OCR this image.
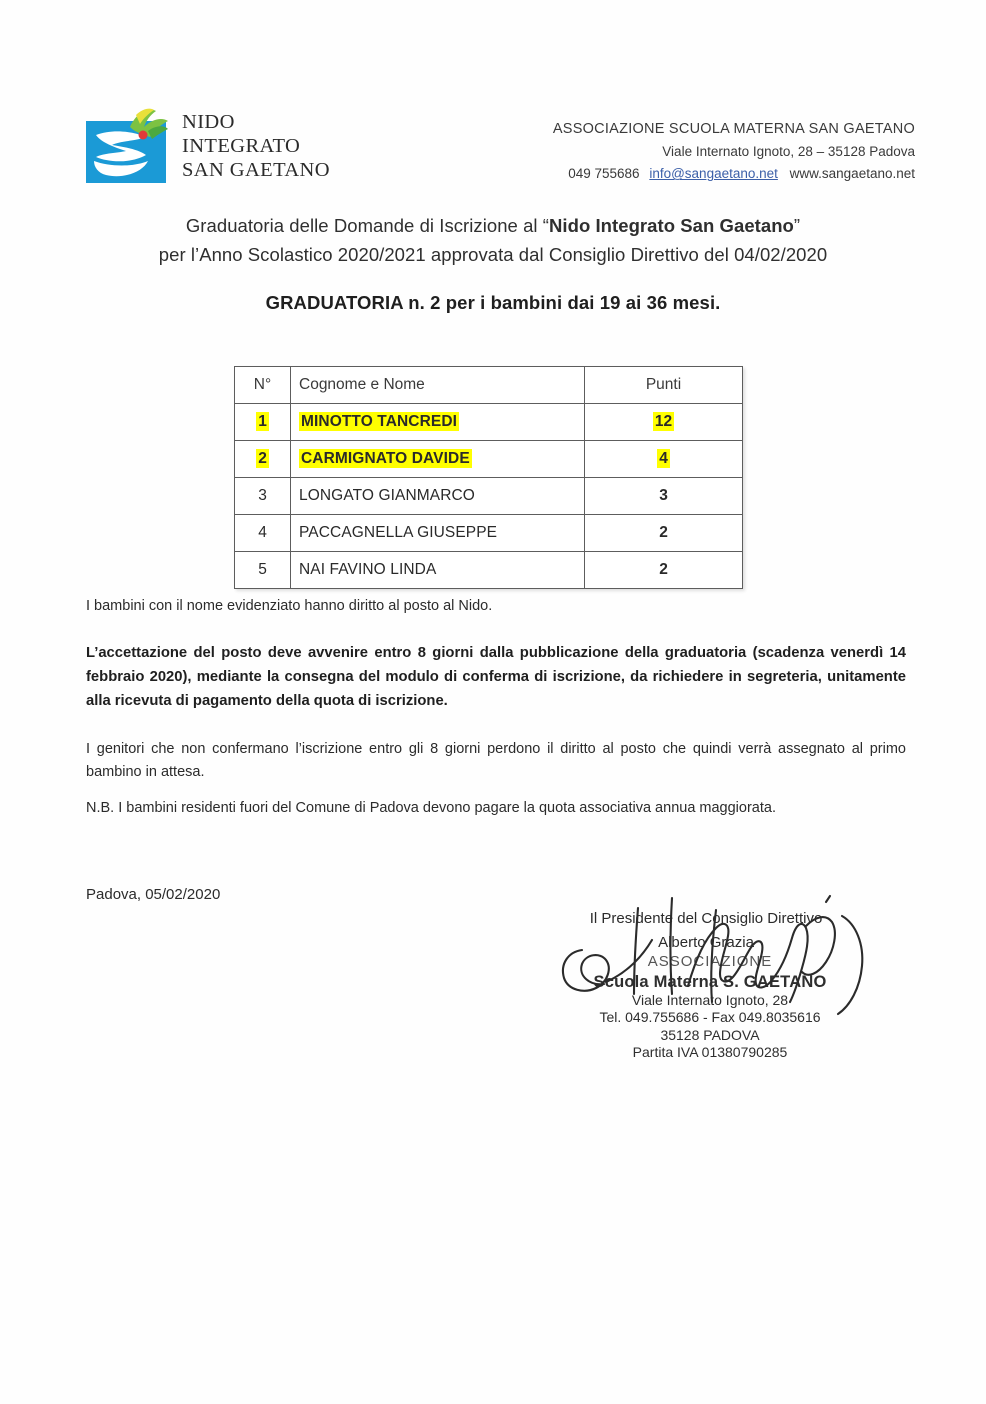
NIDO
INTEGRATO
SAN GAETANO
ASSOCIAZIONE SCUOLA MATERNA SAN GAETANO
Viale Internato Ignoto, 28 – 35128 Padova
049 755686 info@sangaetano.net www.sangaetano.net
Graduatoria delle Domande di Iscrizione al “Nido Integrato San Gaetano”
per l’Anno Scolastico 2020/2021 approvata dal Consiglio Direttivo del 04/02/2020
GRADUATORIA n. 2 per i bambini dai 19 ai 36 mesi.
N°	Cognome e Nome	Punti
1	MINOTTO TANCREDI	12
2	CARMIGNATO DAVIDE	4
3	LONGATO GIANMARCO	3
4	PACCAGNELLA GIUSEPPE	2
5	NAI FAVINO LINDA	2
I bambini con il nome evidenziato hanno diritto al posto al Nido.
L’accettazione del posto deve avvenire entro 8 giorni dalla pubblicazione della graduatoria (scadenza venerdì 14 febbraio 2020), mediante la consegna del modulo di conferma di iscrizione, da richiedere in segreteria, unitamente alla ricevuta di pagamento della quota di iscrizione.
I genitori che non confermano l’iscrizione entro gli 8 giorni perdono il diritto al posto che quindi verrà assegnato al primo bambino in attesa.
N.B. I bambini residenti fuori del Comune di Padova devono pagare la quota associativa annua maggiorata.
Padova, 05/02/2020
Il Presidente del Consiglio Direttivo
Alberto Grazia
ASSOCIAZIONE
Scuola Materna S. GAETANO
Viale Internato Ignoto, 28
Tel. 049.755686 - Fax 049.8035616
35128 PADOVA
Partita IVA 01380790285
